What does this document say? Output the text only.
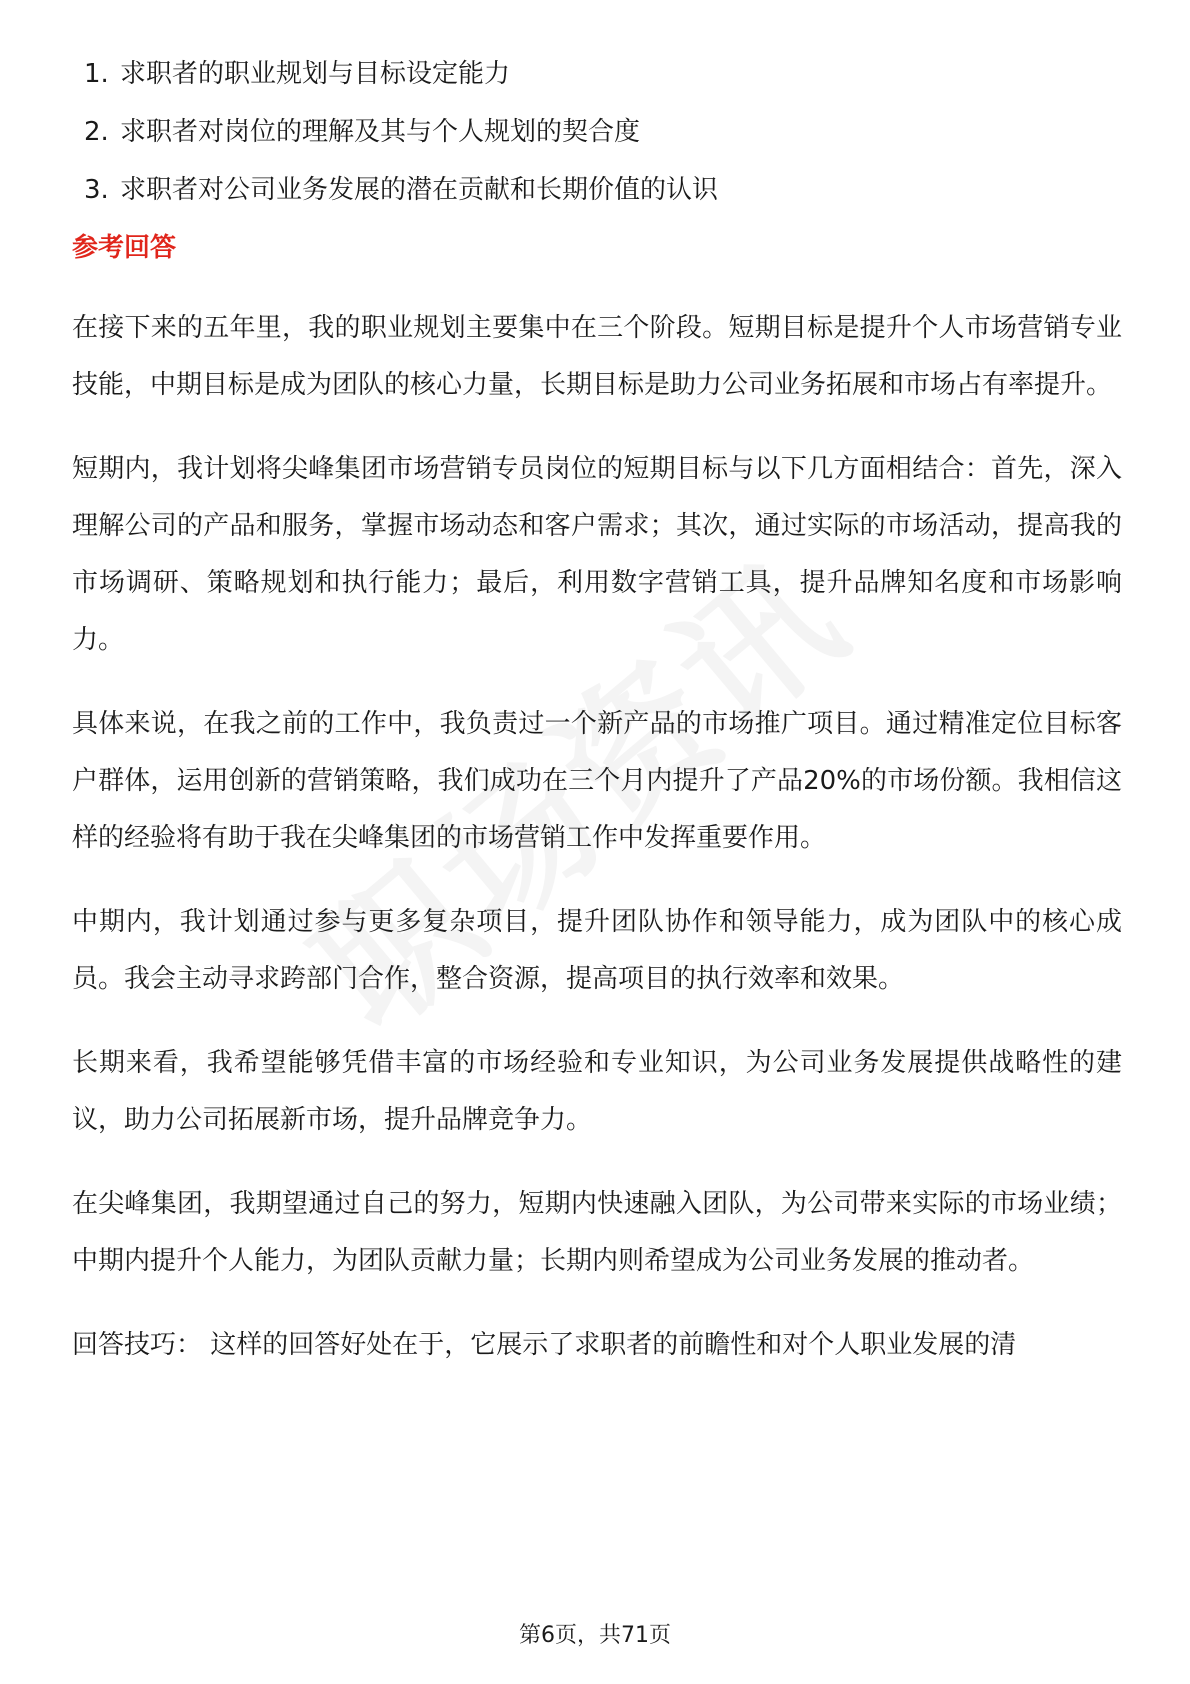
1. 求职者的职业规划与目标设定能力
2. 求职者对岗位的理解及其与个人规划的契合度
3. 求职者对公司业务发展的潜在贡献和长期价值的认识
参考回答

在接下来的五年里，我的职业规划主要集中在三个阶段。短期目标是提升个人市场营销专业技能，中期目标是成为团队的核心力量，长期目标是助力公司业务拓展和市场占有率提升。

短期内，我计划将尖峰集团市场营销专员岗位的短期目标与以下几方面相结合：首先，深入理解公司的产品和服务，掌握市场动态和客户需求；其次，通过实际的市场活动，提高我的市场调研、策略规划和执行能力；最后，利用数字营销工具，提升品牌知名度和市场影响力。

具体来说，在我之前的工作中，我负责过一个新产品的市场推广项目。通过精准定位目标客户群体，运用创新的营销策略，我们成功在三个月内提升了产品20%的市场份额。我相信这样的经验将有助于我在尖峰集团的市场营销工作中发挥重要作用。

中期内，我计划通过参与更多复杂项目，提升团队协作和领导能力，成为团队中的核心成员。我会主动寻求跨部门合作，整合资源，提高项目的执行效率和效果。

长期来看，我希望能够凭借丰富的市场经验和专业知识，为公司业务发展提供战略性的建议，助力公司拓展新市场，提升品牌竞争力。

在尖峰集团，我期望通过自己的努力，短期内快速融入团队，为公司带来实际的市场业绩；中期内提升个人能力，为团队贡献力量；长期内则希望成为公司业务发展的推动者。

回答技巧： 这样的回答好处在于，它展示了求职者的前瞻性和对个人职业发展的清

第6页，共71页
